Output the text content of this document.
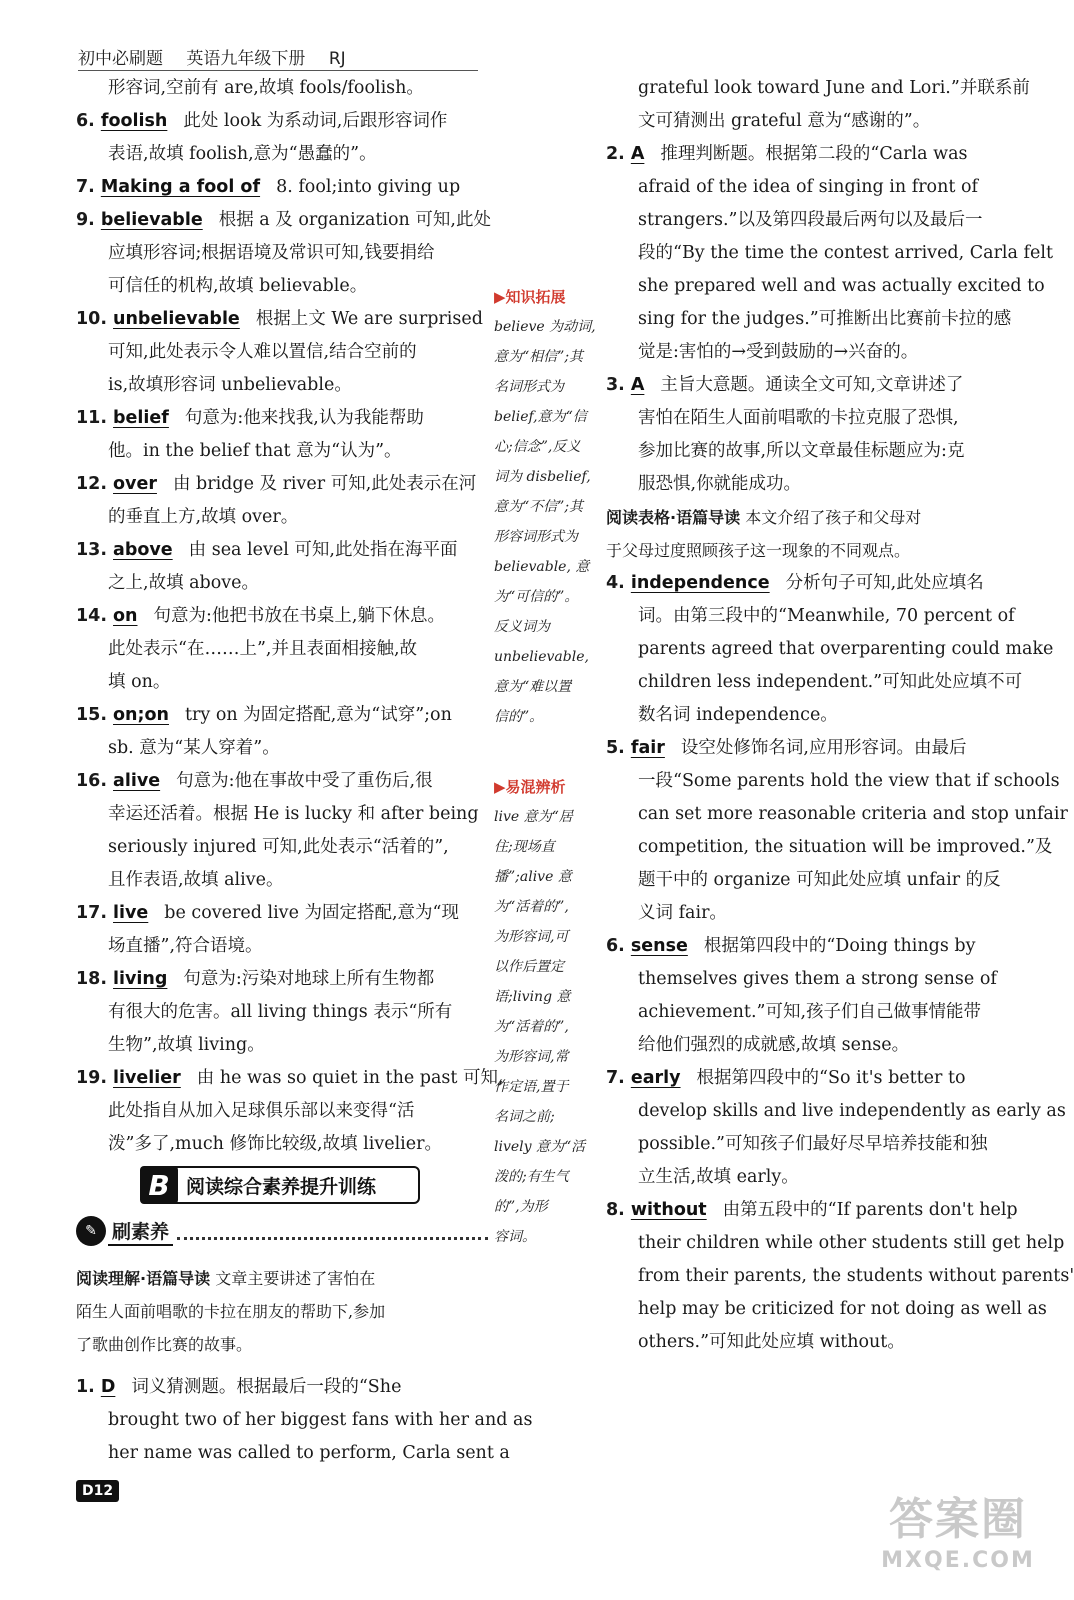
初中必刷题 英语九年级下册 RJ
形容词,空前有 are,故填 fools/foolish。
6. foolish 此处 look 为系动词,后跟形容词作
表语,故填 foolish,意为“愚蠢的”。
7. Making a fool of 8. fool;into giving up
9. believable 根据 a 及 organization 可知,此处
应填形容词;根据语境及常识可知,钱要捐给
可信任的机构,故填 believable。
10. unbelievable 根据上文 We are surprised
可知,此处表示令人难以置信,结合空前的
is,故填形容词 unbelievable。
11. belief 句意为:他来找我,认为我能帮助
他。in the belief that 意为“认为”。
12. over 由 bridge 及 river 可知,此处表示在河
的垂直上方,故填 over。
13. above 由 sea level 可知,此处指在海平面
之上,故填 above。
14. on 句意为:他把书放在书桌上,躺下休息。
此处表示“在……上”,并且表面相接触,故
填 on。
15. on;on try on 为固定搭配,意为“试穿”;on
sb. 意为“某人穿着”。
16. alive 句意为:他在事故中受了重伤后,很
幸运还活着。根据 He is lucky 和 after being
seriously injured 可知,此处表示“活着的”,
且作表语,故填 alive。
17. live be covered live 为固定搭配,意为“现
场直播”,符合语境。
18. living 句意为:污染对地球上所有生物都
有很大的危害。all living things 表示“所有
生物”,故填 living。
19. livelier 由 he was so quiet in the past 可知,
此处指自从加入足球俱乐部以来变得“活
泼”多了,much 修饰比较级,故填 livelier。
▶知识拓展
believe 为动词,
意为“相信”;其
名词形式为
belief,意为“信
心;信念”,反义
词为 disbelief,
意为“不信”;其
形容词形式为
believable, 意
为“可信的”。
反义词为
unbelievable,
意为“难以置
信的”。
▶易混辨析
live 意为“居
住;现场直
播”;alive 意
为“活着的”,
为形容词,可
以作后置定
语;living 意
为“活着的”,
为形容词,常
作定语,置于
名词之前;
lively 意为“活
泼的;有生气
的”,为形
容词。
B 阅读综合素养提升训练
✎ 刷素养
阅读理解·语篇导读 文章主要讲述了害怕在
陌生人面前唱歌的卡拉在朋友的帮助下,参加
了歌曲创作比赛的故事。
1. D 词义猜测题。根据最后一段的“She
brought two of her biggest fans with her and as
her name was called to perform, Carla sent a
grateful look toward June and Lori.”并联系前
文可猜测出 grateful 意为“感谢的”。
2. A 推理判断题。根据第二段的“Carla was
afraid of the idea of singing in front of
strangers.”以及第四段最后两句以及最后一
段的“By the time the contest arrived, Carla felt
she prepared well and was actually excited to
sing for the judges.”可推断出比赛前卡拉的感
觉是:害怕的→受到鼓励的→兴奋的。
3. A 主旨大意题。通读全文可知,文章讲述了
害怕在陌生人面前唱歌的卡拉克服了恐惧,
参加比赛的故事,所以文章最佳标题应为:克
服恐惧,你就能成功。
阅读表格·语篇导读 本文介绍了孩子和父母对
于父母过度照顾孩子这一现象的不同观点。
4. independence 分析句子可知,此处应填名
词。由第三段中的“Meanwhile, 70 percent of
parents agreed that overparenting could make
children less independent.”可知此处应填不可
数名词 independence。
5. fair 设空处修饰名词,应用形容词。由最后
一段“Some parents hold the view that if schools
can set more reasonable criteria and stop unfair
competition, the situation will be improved.”及
题干中的 organize 可知此处应填 unfair 的反
义词 fair。
6. sense 根据第四段中的“Doing things by
themselves gives them a strong sense of
achievement.”可知,孩子们自己做事情能带
给他们强烈的成就感,故填 sense。
7. early 根据第四段中的“So it's better to
develop skills and live independently as early as
possible.”可知孩子们最好尽早培养技能和独
立生活,故填 early。
8. without 由第五段中的“If parents don't help
their children while other students still get help
from their parents, the students without parents'
help may be criticized for not doing as well as
others.”可知此处应填 without。
D12
答案圈
MXQE.COM
